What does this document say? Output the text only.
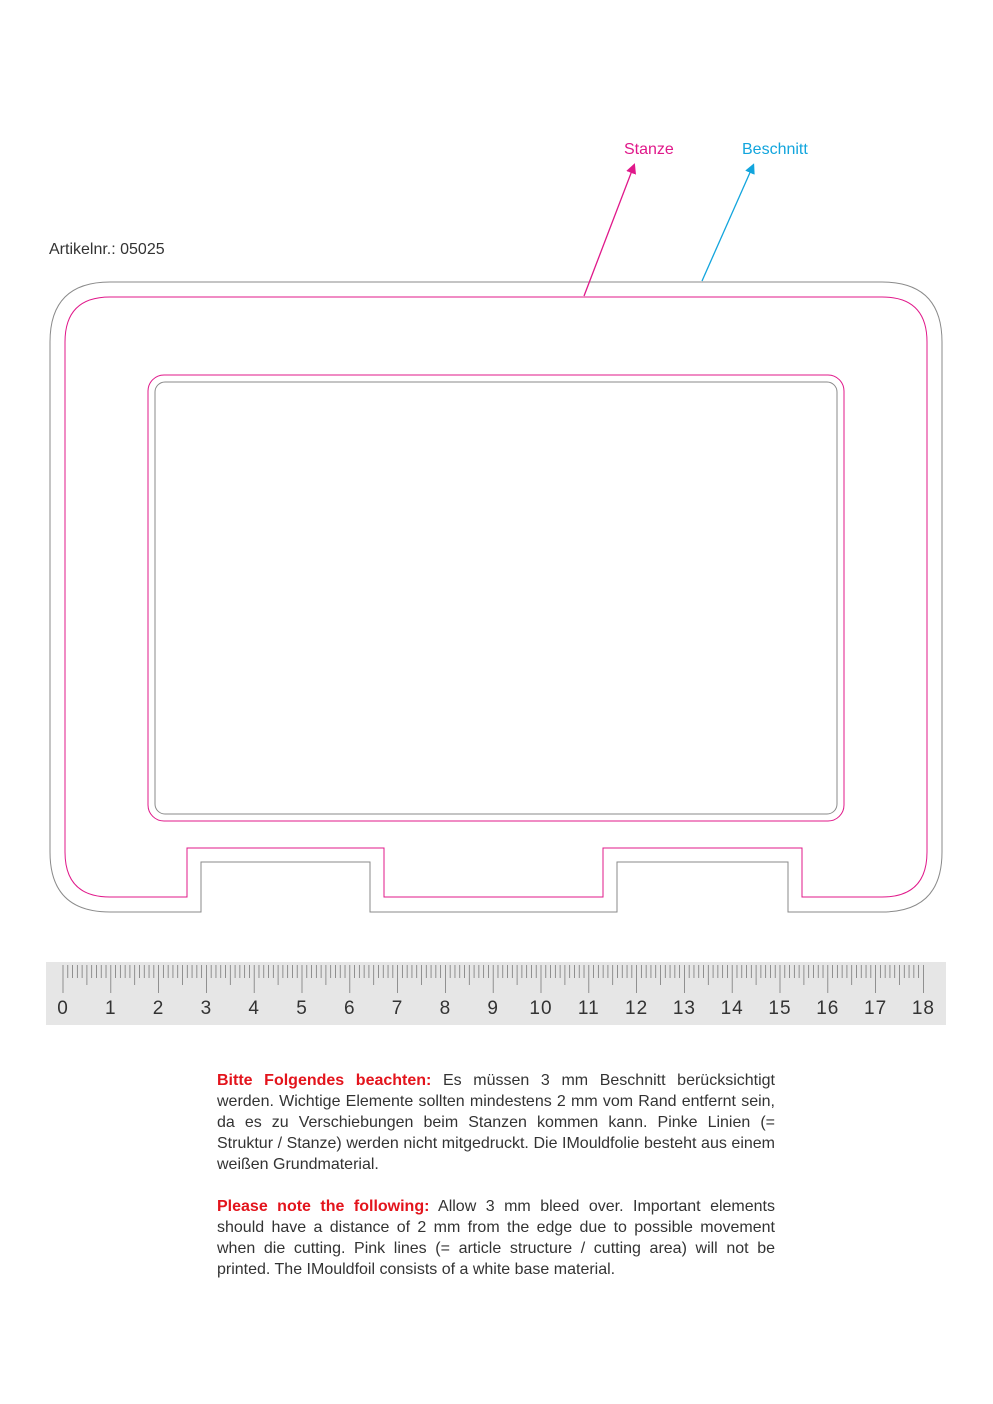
Artikelnr.: 05025
Stanze	Beschnitt
0 1 2 3 4 5 6 7 8 9 10 11 12 13 14 15 16 17 18

Bitte Folgendes beachten: Es müssen 3 mm Beschnitt berücksichtigt werden. Wichtige Elemente sollten mindestens 2 mm vom Rand entfernt sein, da es zu Verschiebungen beim Stanzen kommen kann. Pinke Linien (= Struktur / Stanze) werden nicht mitgedruckt. Die IMouldfolie besteht aus einem weißen Grundmaterial.

Please note the following: Allow 3 mm bleed over. Important elements should have a distance of 2 mm from the edge due to possible movement when die cutting. Pink lines (= article structure / cutting area) will not be printed. The IMouldfoil consists of a white base material.
